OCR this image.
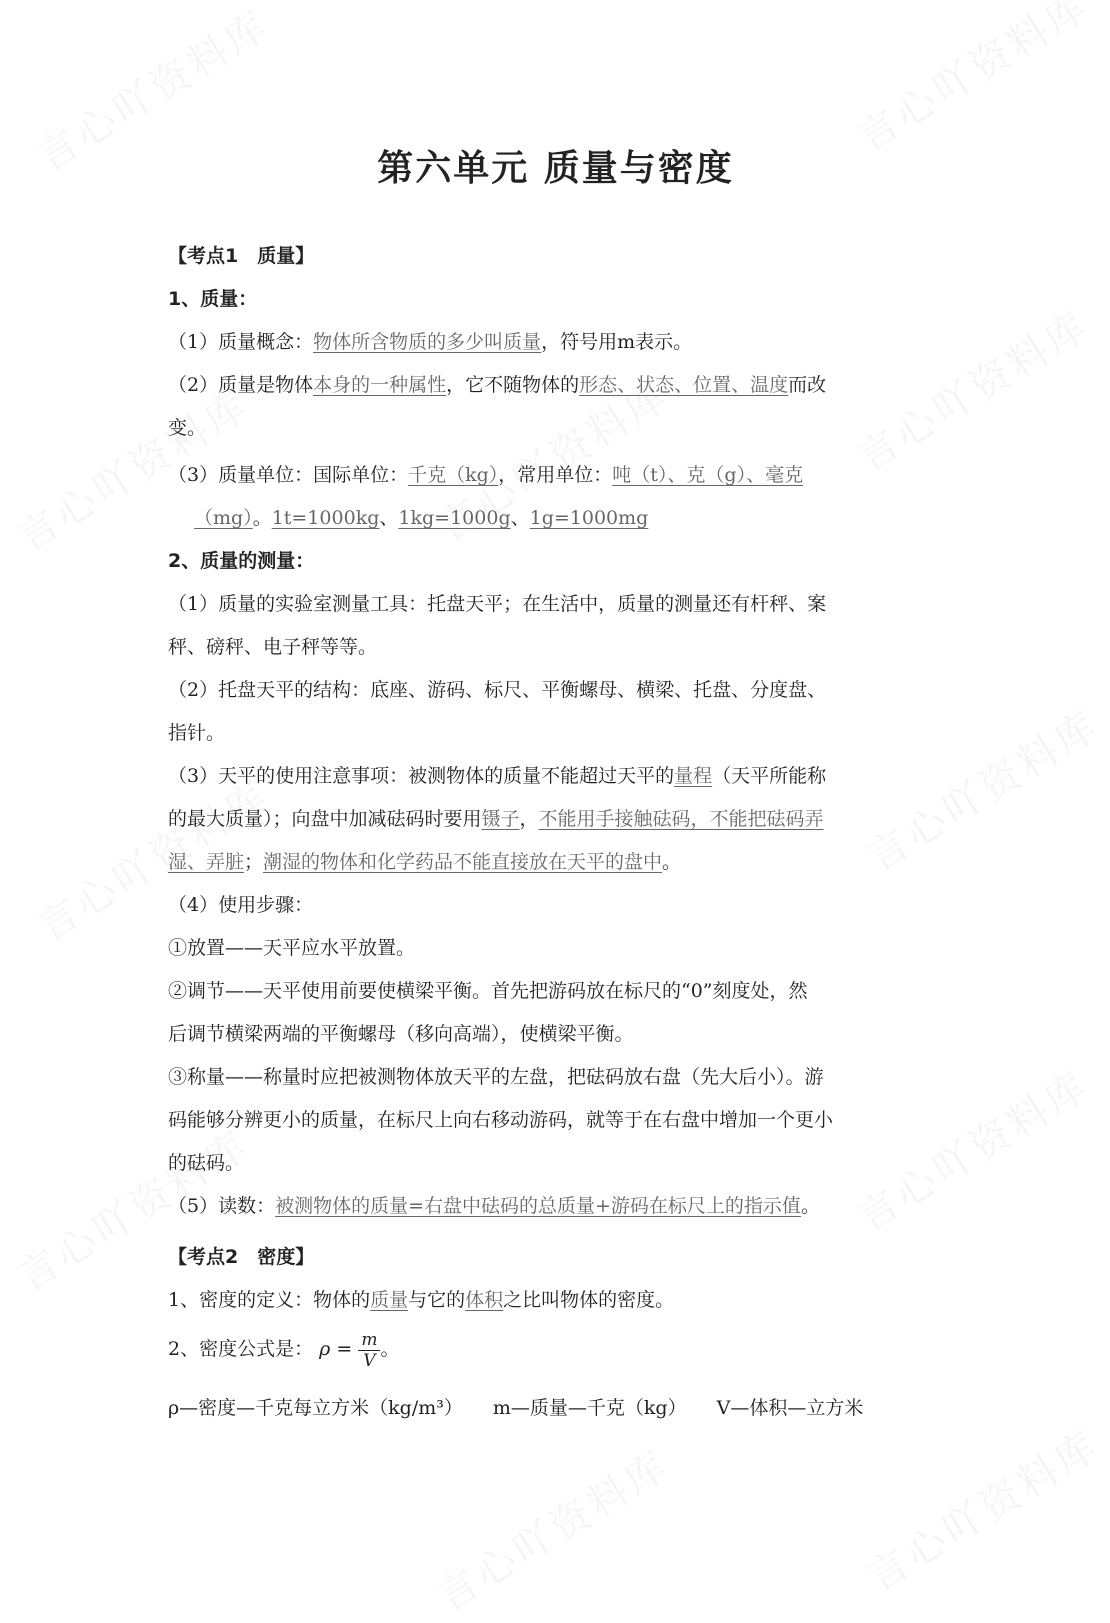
第六单元 质量与密度

【考点1　质量】

1、质量：

（1）质量概念：物体所含物质的多少叫质量，符号用m表示。

（2）质量是物体本身的一种属性，它不随物体的形态、状态、位置、温度而改
变。

（3）质量单位：国际单位：千克（kg），常用单位：吨（t）、克（g）、毫克
（mg）。1t=1000kg、1kg=1000g、1g=1000mg

2、质量的测量：

（1）质量的实验室测量工具：托盘天平；在生活中，质量的测量还有杆秤、案
秤、磅秤、电子秤等等。

（2）托盘天平的结构：底座、游码、标尺、平衡螺母、横梁、托盘、分度盘、
指针。

（3）天平的使用注意事项：被测物体的质量不能超过天平的量程（天平所能称
的最大质量）；向盘中加减砝码时要用镊子，不能用手接触砝码，不能把砝码弄
湿、弄脏；潮湿的物体和化学药品不能直接放在天平的盘中。

（4）使用步骤：

①放置——天平应水平放置。

②调节——天平使用前要使横梁平衡。首先把游码放在标尺的“0”刻度处，然
后调节横梁两端的平衡螺母（移向高端），使横梁平衡。

③称量——称量时应把被测物体放天平的左盘，把砝码放右盘（先大后小）。游
码能够分辨更小的质量，在标尺上向右移动游码，就等于在右盘中增加一个更小
的砝码。

（5）读数：被测物体的质量=右盘中砝码的总质量+游码在标尺上的指示值。

【考点2　密度】

1、密度的定义：物体的质量与它的体积之比叫物体的密度。

2、密度公式是： $\rho = \frac{m}{V}$ 。

ρ—密度—千克每立方米（kg/m³） m—质量—千克（kg） V—体积—立方米
